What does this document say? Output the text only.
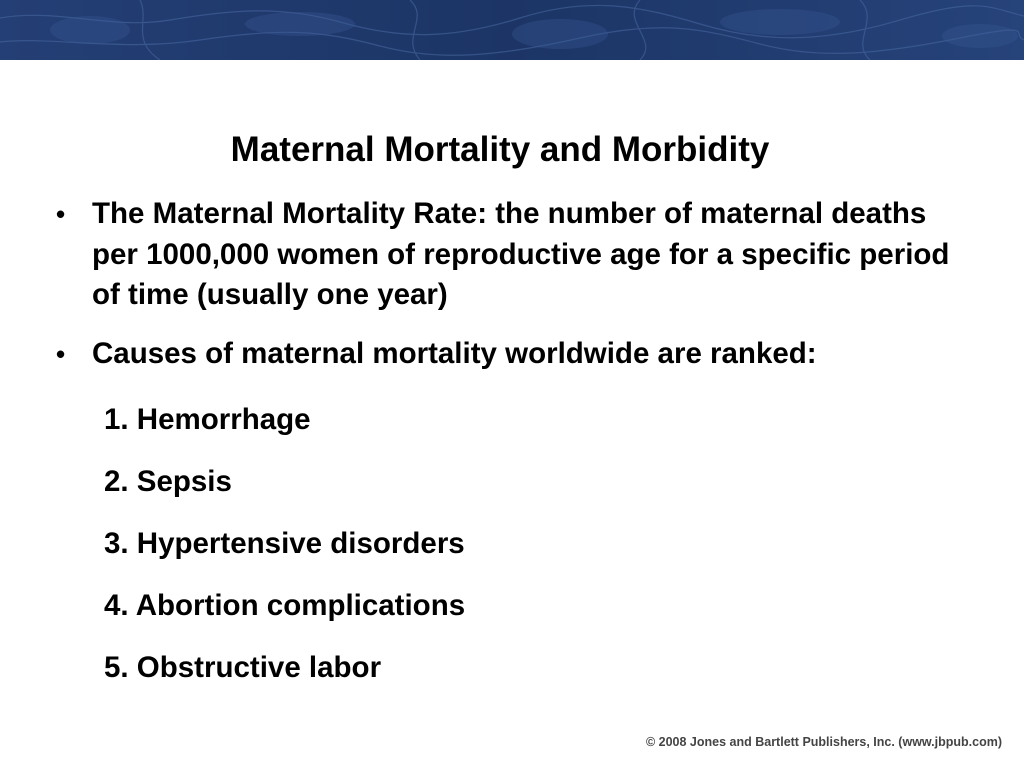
Maternal Mortality and Morbidity
• The Maternal Mortality Rate: the number of maternal deaths per 1000,000 women of reproductive age for a specific period of time (usually one year)
• Causes of maternal mortality worldwide are ranked:
1. Hemorrhage
2. Sepsis
3. Hypertensive disorders
4. Abortion complications
5. Obstructive labor
© 2008 Jones and Bartlett Publishers, Inc. (www.jbpub.com)
